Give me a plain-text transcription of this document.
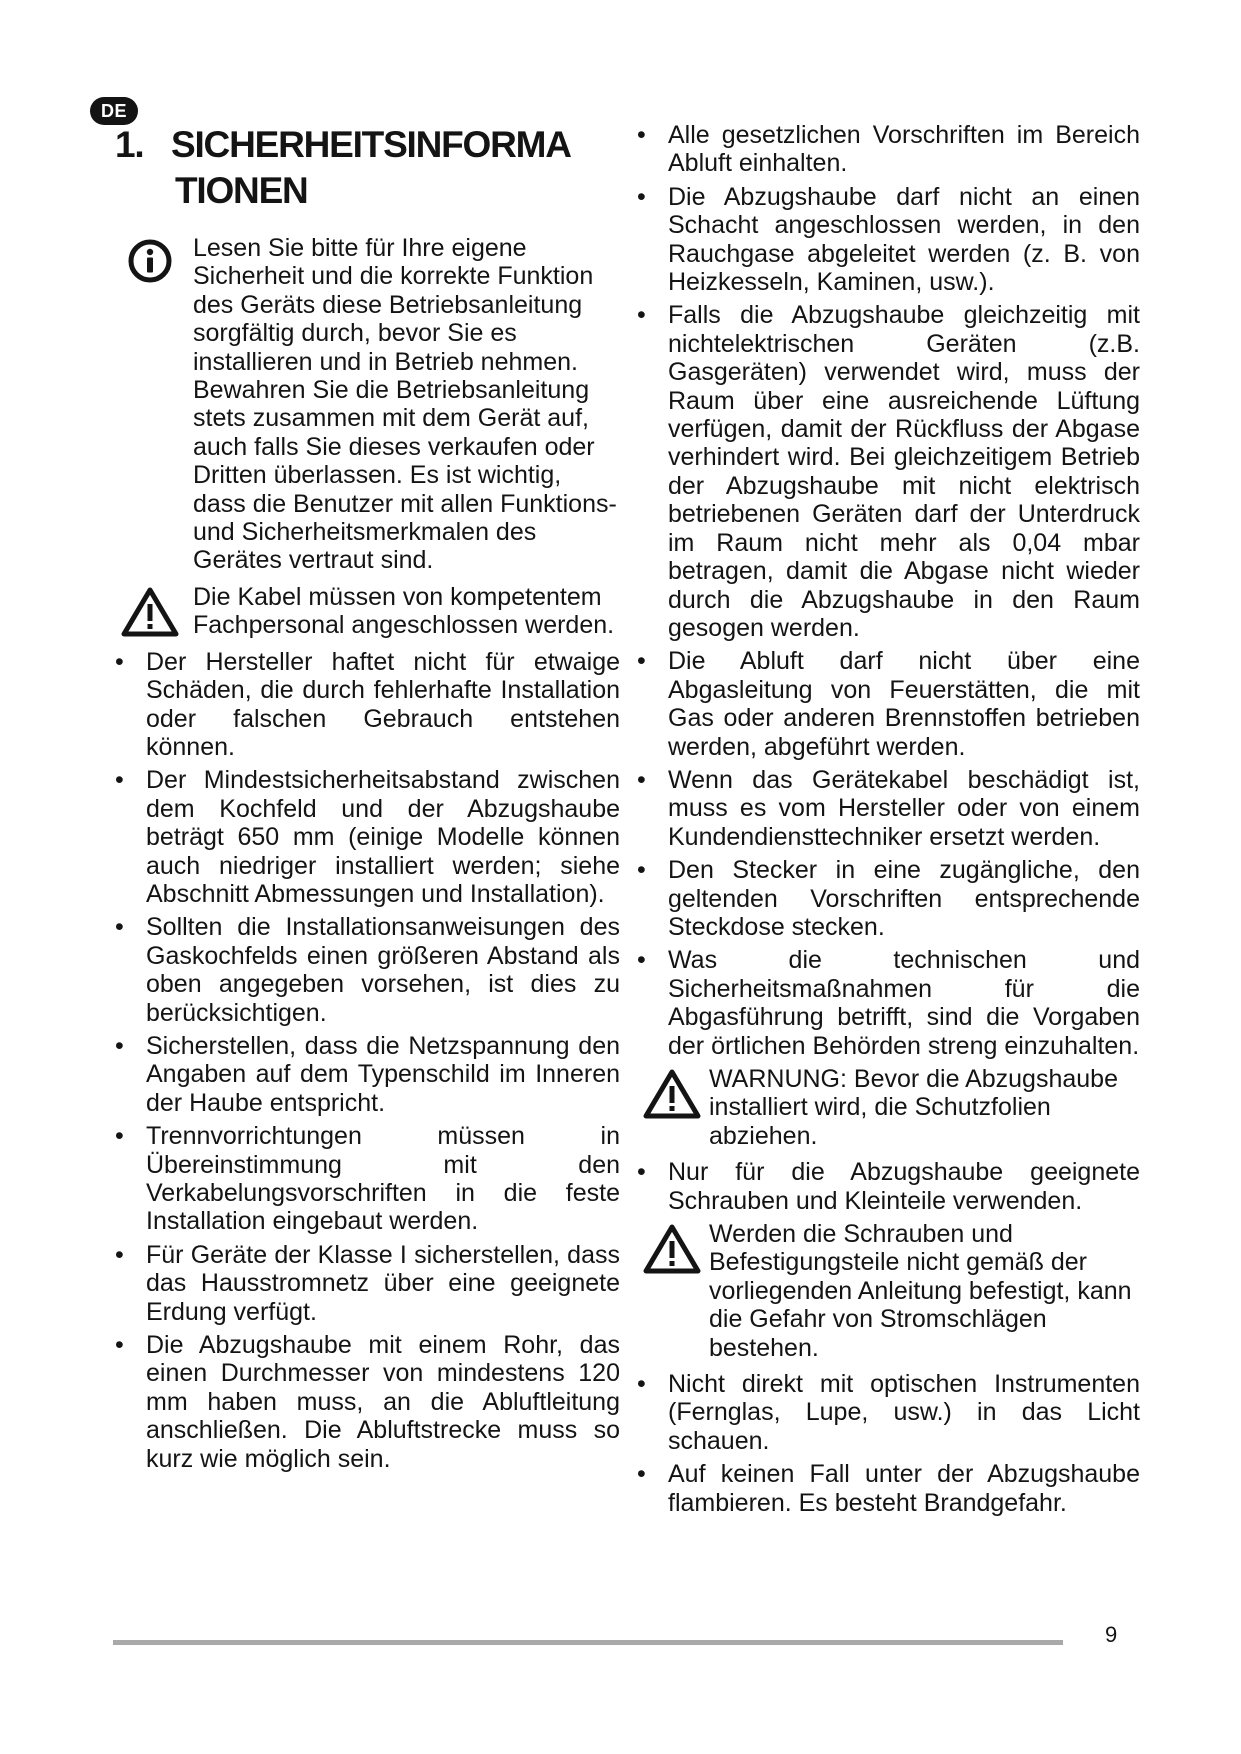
DE
1. SICHERHEITSINFORMA
TIONEN

Lesen Sie bitte für Ihre eigene Sicherheit und die korrekte Funktion des Geräts diese Betriebsanleitung sorgfältig durch, bevor Sie es installieren und in Betrieb nehmen. Bewahren Sie die Betriebsanleitung stets zusammen mit dem Gerät auf, auch falls Sie dieses verkaufen oder Dritten überlassen. Es ist wichtig, dass die Benutzer mit allen Funktions- und Sicherheitsmerkmalen des Gerätes vertraut sind.

Die Kabel müssen von kompetentem Fachpersonal angeschlossen werden.

• Der Hersteller haftet nicht für etwaige Schäden, die durch fehlerhafte Installation oder falschen Gebrauch entstehen können.

• Der Mindestsicherheitsabstand zwischen dem Kochfeld und der Abzugshaube beträgt 650 mm (einige Modelle können auch niedriger installiert werden; siehe Abschnitt Abmessungen und Installation).

• Sollten die Installationsanweisungen des Gaskochfelds einen größeren Abstand als oben angegeben vorsehen, ist dies zu berücksichtigen.

• Sicherstellen, dass die Netzspannung den Angaben auf dem Typenschild im Inneren der Haube entspricht.

• Trennvorrichtungen müssen in Übereinstimmung mit den Verkabelungsvorschriften in die feste Installation eingebaut werden.

• Für Geräte der Klasse I sicherstellen, dass das Hausstromnetz über eine geeignete Erdung verfügt.

• Die Abzugshaube mit einem Rohr, das einen Durchmesser von mindestens 120 mm haben muss, an die Abluftleitung anschließen. Die Abluftstrecke muss so kurz wie möglich sein.

• Alle gesetzlichen Vorschriften im Bereich Abluft einhalten.

• Die Abzugshaube darf nicht an einen Schacht angeschlossen werden, in den Rauchgase abgeleitet werden (z. B. von Heizkesseln, Kaminen, usw.).

• Falls die Abzugshaube gleichzeitig mit nichtelektrischen Geräten (z.B. Gasgeräten) verwendet wird, muss der Raum über eine ausreichende Lüftung verfügen, damit der Rückfluss der Abgase verhindert wird. Bei gleichzeitigem Betrieb der Abzugshaube mit nicht elektrisch betriebenen Geräten darf der Unterdruck im Raum nicht mehr als 0,04 mbar betragen, damit die Abgase nicht wieder durch die Abzugshaube in den Raum gesogen werden.

• Die Abluft darf nicht über eine Abgasleitung von Feuerstätten, die mit Gas oder anderen Brennstoffen betrieben werden, abgeführt werden.

• Wenn das Gerätekabel beschädigt ist, muss es vom Hersteller oder von einem Kundendiensttechniker ersetzt werden.

• Den Stecker in eine zugängliche, den geltenden Vorschriften entsprechende Steckdose stecken.

• Was die technischen und Sicherheitsmaßnahmen für die Abgasführung betrifft, sind die Vorgaben der örtlichen Behörden streng einzuhalten.

WARNUNG: Bevor die Abzugshaube installiert wird, die Schutzfolien abziehen.

• Nur für die Abzugshaube geeignete Schrauben und Kleinteile verwenden.

Werden die Schrauben und Befestigungsteile nicht gemäß der vorliegenden Anleitung befestigt, kann die Gefahr von Stromschlägen bestehen.

• Nicht direkt mit optischen Instrumenten (Fernglas, Lupe, usw.) in das Licht schauen.

• Auf keinen Fall unter der Abzugshaube flambieren. Es besteht Brandgefahr.

9
